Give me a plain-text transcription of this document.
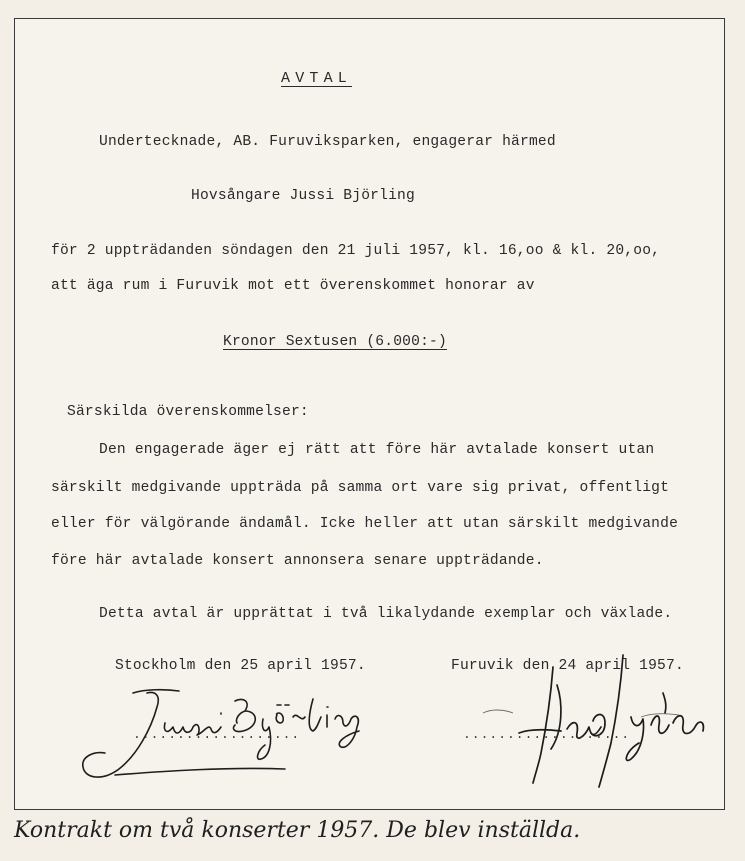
AVTAL
Undertecknade, AB. Furuviksparken, engagerar härmed
Hovsångare Jussi Björling
för 2 uppträdanden söndagen den 21 juli 1957, kl. 16,oo & kl. 20,oo,
att äga rum i Furuvik mot ett överenskommet honorar av
Kronor Sextusen (6.000:-)
Särskilda överenskommelser:
Den engagerade äger ej rätt att före här avtalade konsert utan
särskilt medgivande uppträda på samma ort vare sig privat, offentligt
eller för välgörande ändamål. Icke heller att utan särskilt medgivande
före här avtalade konsert annonsera senare uppträdande.
Detta avtal är upprättat i två likalydande exemplar och växlade.
Stockholm den 25 april 1957.	Furuvik den 24 april 1957.
...................	...................
Kontrakt om två konserter 1957. De blev inställda.
